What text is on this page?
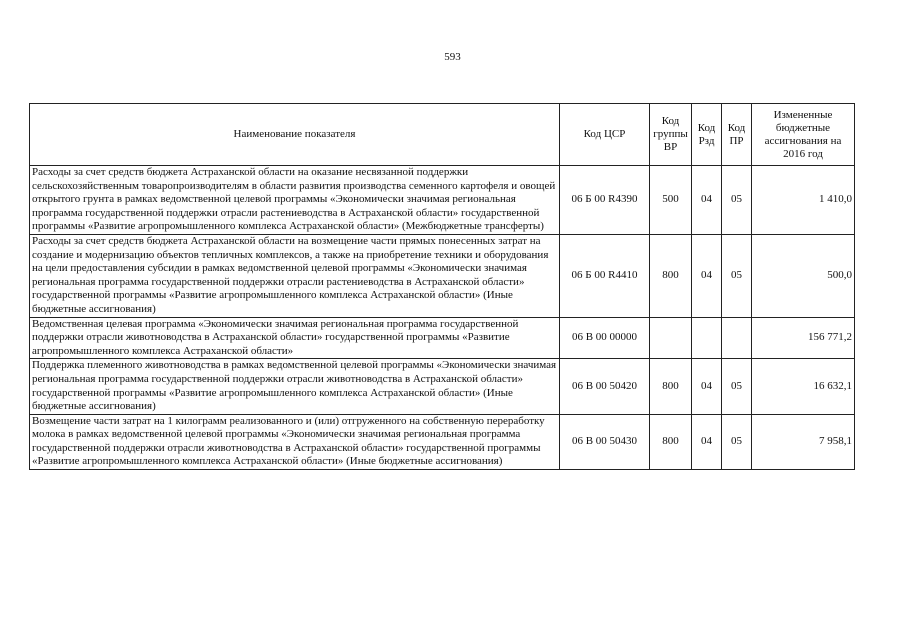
593
Наименование показателя	Код ЦСР	Код группы ВР	Код Рзд	Код ПР	Измененные бюджетные ассигнования на 2016 год
Расходы за счет средств бюджета Астраханской области на оказание несвязанной поддержки сельскохозяйственным товаропроизводителям в области развития производства семенного картофеля и овощей открытого грунта в рамках ведомственной целевой программы «Экономически значимая региональная программа государственной поддержки отрасли растениеводства в Астраханской области» государственной программы «Развитие агропромышленного комплекса Астраханской области» (Межбюджетные трансферты)	06 Б 00 R4390	500	04	05	1 410,0
Расходы за счет средств бюджета Астраханской области на возмещение части прямых понесенных затрат на создание и модернизацию объектов тепличных комплексов, а также на приобретение техники и оборудования на цели предоставления субсидии в рамках ведомственной целевой программы «Экономически значимая региональная программа государственной поддержки отрасли растениеводства в Астраханской области» государственной программы «Развитие агропромышленного комплекса Астраханской области» (Иные бюджетные ассигнования)	06 Б 00 R4410	800	04	05	500,0
Ведомственная целевая программа «Экономически значимая региональная программа государственной поддержки отрасли животноводства в Астраханской области» государственной программы «Развитие агропромышленного комплекса Астраханской области»	06 В 00 00000				156 771,2
Поддержка племенного животноводства в рамках ведомственной целевой программы «Экономически значимая региональная программа государственной поддержки отрасли животноводства в Астраханской области» государственной программы «Развитие агропромышленного комплекса Астраханской области» (Иные бюджетные ассигнования)	06 В 00 50420	800	04	05	16 632,1
Возмещение части затрат на 1 килограмм реализованного и (или) отгруженного на собственную переработку молока в рамках ведомственной целевой программы «Экономически значимая региональная программа государственной поддержки отрасли животноводства в Астраханской области» государственной программы «Развитие агропромышленного комплекса Астраханской области» (Иные бюджетные ассигнования)	06 В 00 50430	800	04	05	7 958,1
